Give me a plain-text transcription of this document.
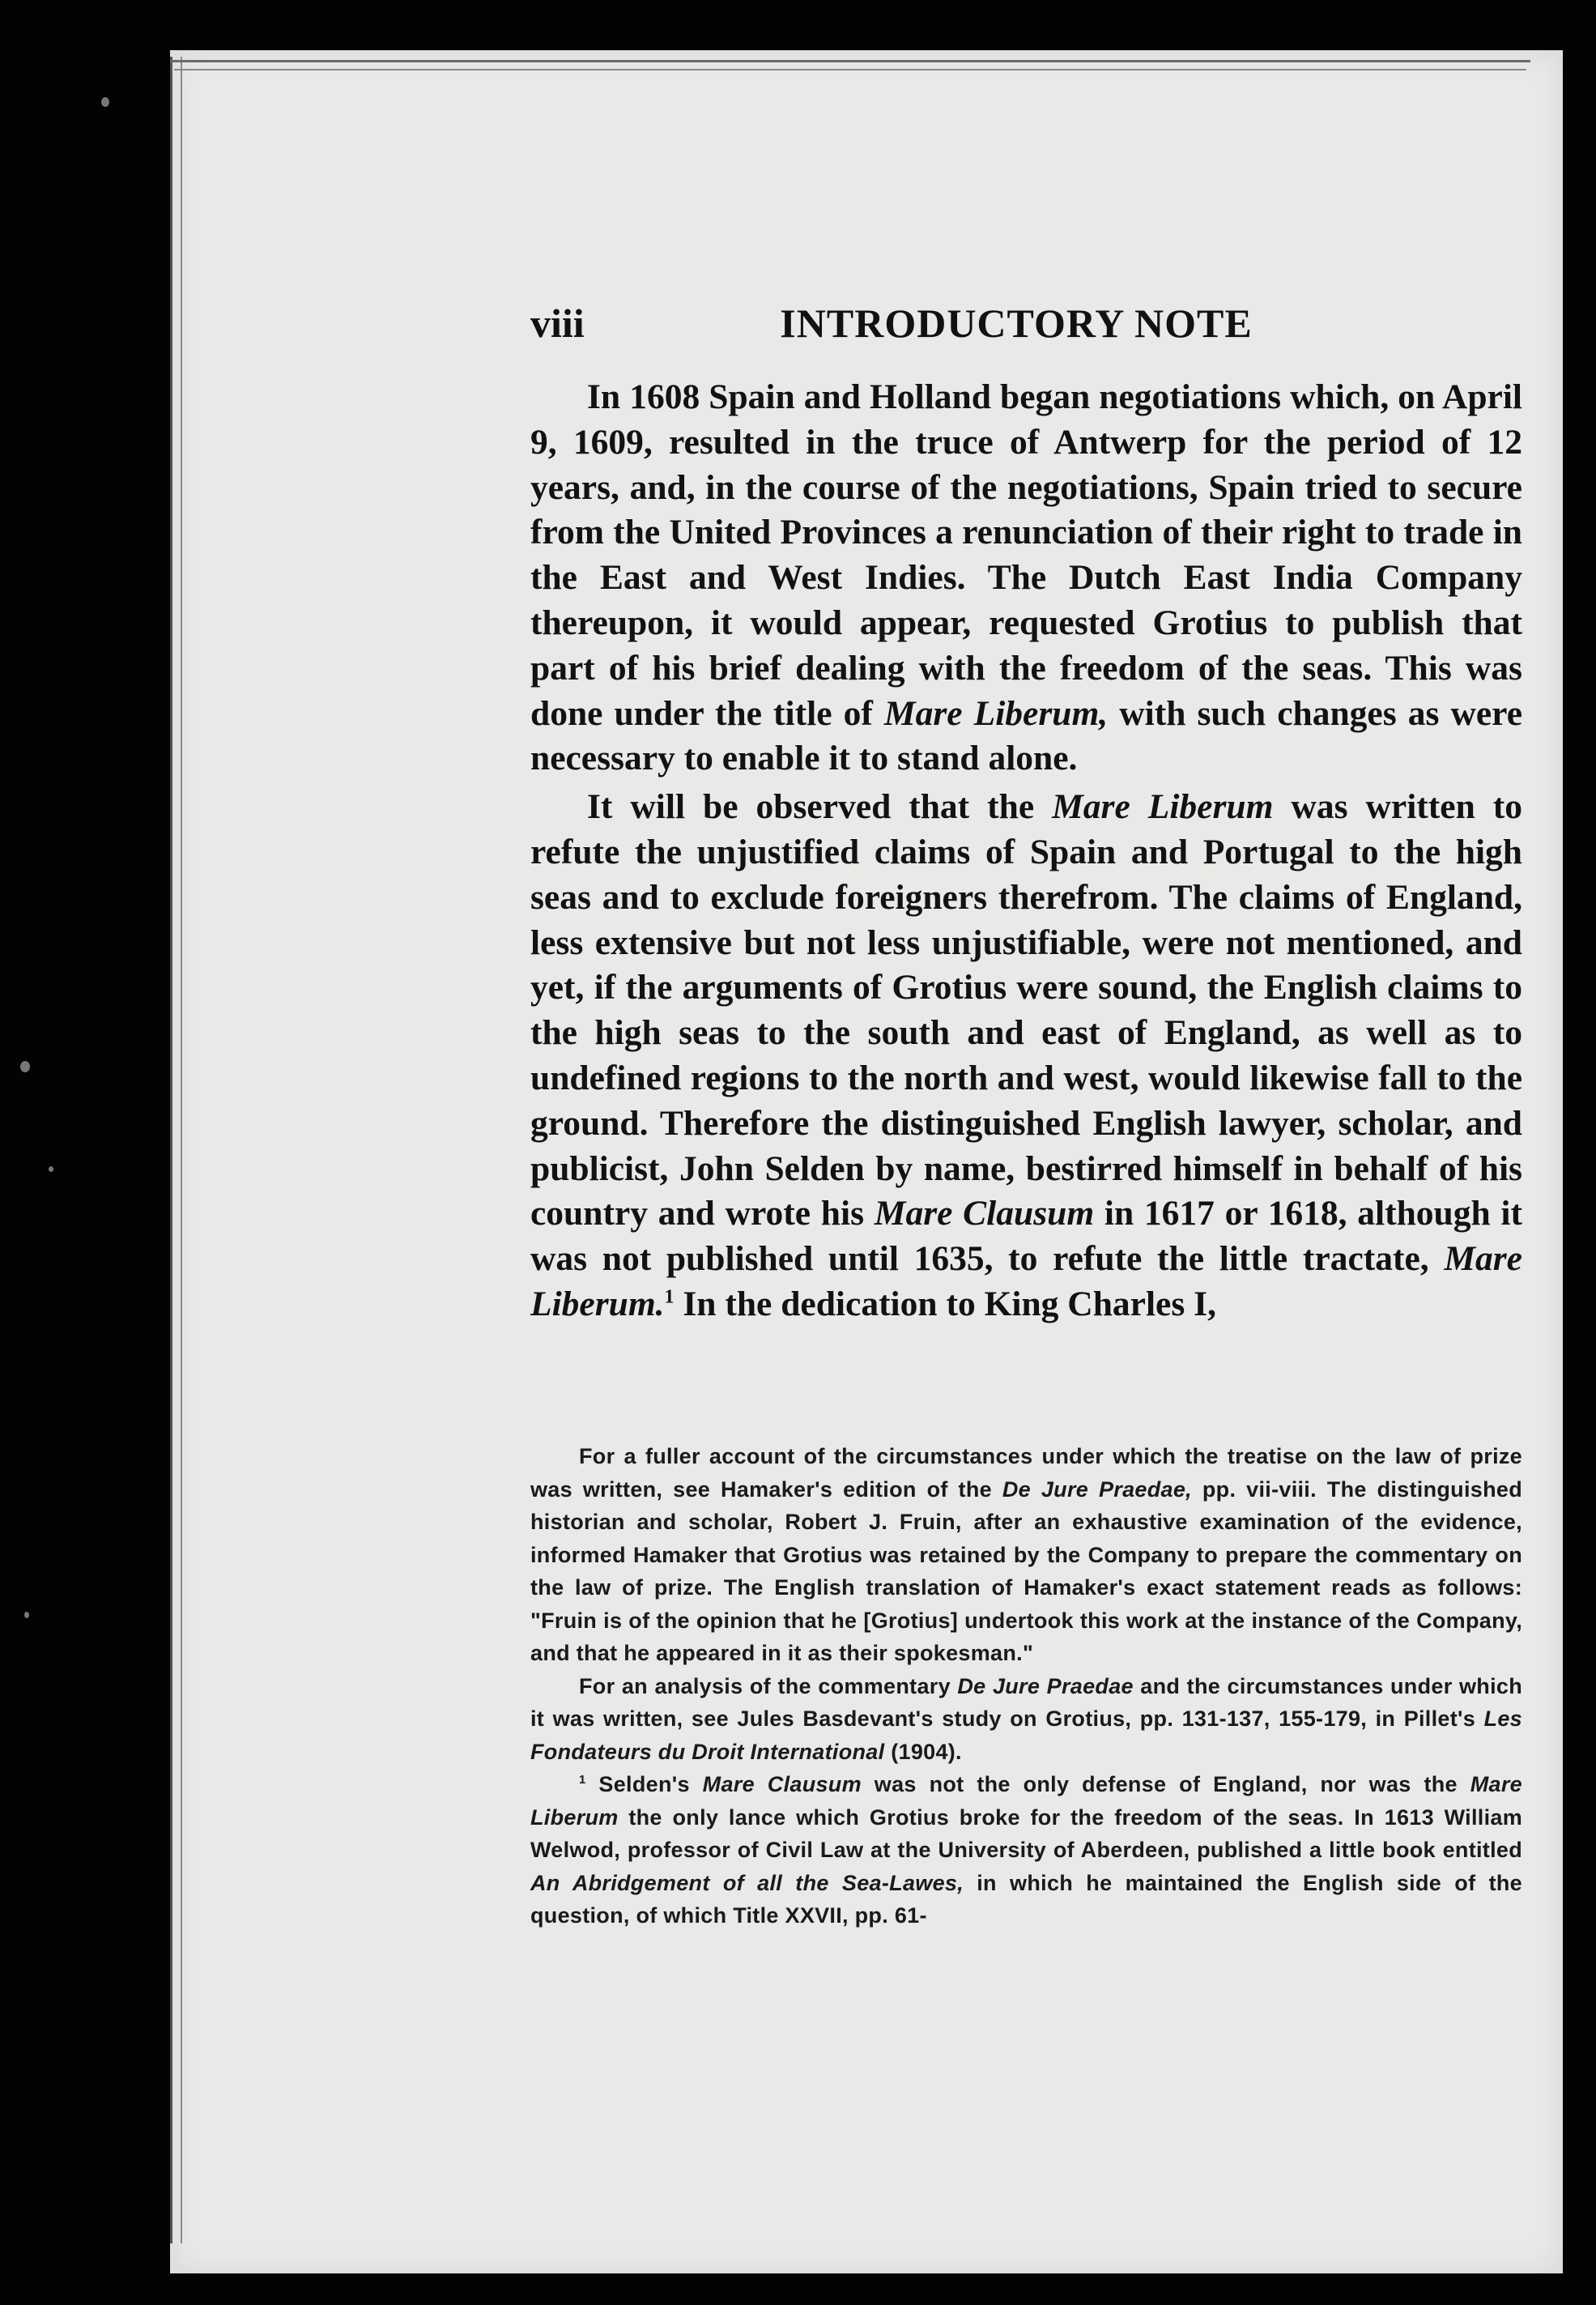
viii	INTRODUCTORY NOTE

In 1608 Spain and Holland began negotiations which, on April 9, 1609, resulted in the truce of Antwerp for the period of 12 years, and, in the course of the negotiations, Spain tried to secure from the United Provinces a renunciation of their right to trade in the East and West Indies. The Dutch East India Company thereupon, it would appear, requested Grotius to publish that part of his brief dealing with the freedom of the seas. This was done under the title of Mare Liberum, with such changes as were necessary to enable it to stand alone.

It will be observed that the Mare Liberum was written to refute the unjustified claims of Spain and Portugal to the high seas and to exclude foreigners therefrom. The claims of England, less extensive but not less unjustifiable, were not mentioned, and yet, if the arguments of Grotius were sound, the English claims to the high seas to the south and east of England, as well as to undefined regions to the north and west, would likewise fall to the ground. Therefore the distinguished English lawyer, scholar, and publicist, John Selden by name, bestirred himself in behalf of his country and wrote his Mare Clausum in 1617 or 1618, although it was not published until 1635, to refute the little tractate, Mare Liberum.$^1$ In the dedication to King Charles I,

For a fuller account of the circumstances under which the treatise on the law of prize was written, see Hamaker's edition of the De Jure Praedae, pp. vii-viii. The distinguished historian and scholar, Robert J. Fruin, after an exhaustive examination of the evidence, informed Hamaker that Grotius was retained by the Company to prepare the commentary on the law of prize. The English translation of Hamaker's exact statement reads as follows: "Fruin is of the opinion that he [Grotius] undertook this work at the instance of the Company, and that he appeared in it as their spokesman."

For an analysis of the commentary De Jure Praedae and the circumstances under which it was written, see Jules Basdevant's study on Grotius, pp. 131-137, 155-179, in Pillet's Les Fondateurs du Droit International (1904).

$^1$ Selden's Mare Clausum was not the only defense of England, nor was the Mare Liberum the only lance which Grotius broke for the freedom of the seas. In 1613 William Welwod, professor of Civil Law at the University of Aberdeen, published a little book entitled An Abridgement of all the Sea-Lawes, in which he maintained the English side of the question, of which Title XXVII, pp. 61-
